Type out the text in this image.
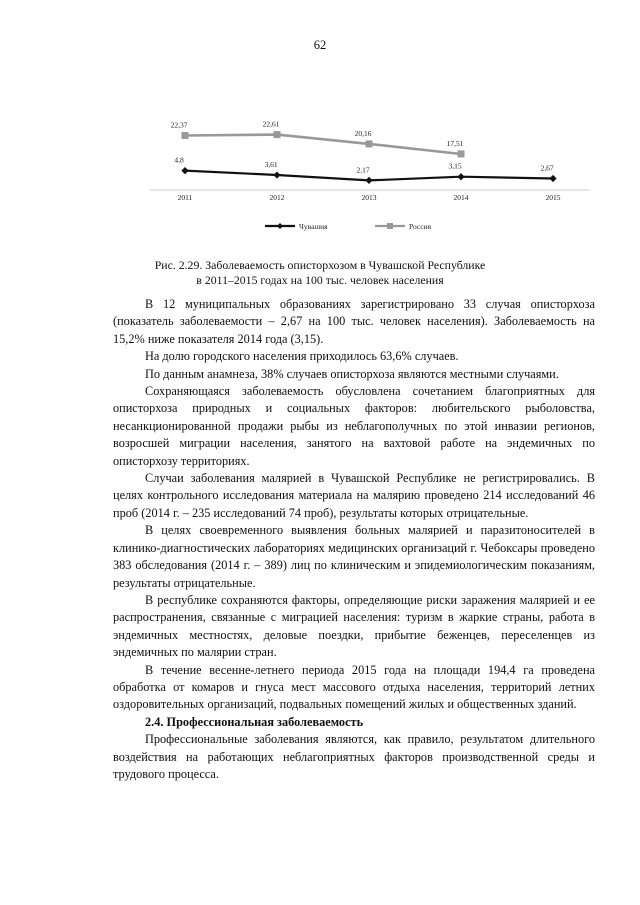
62
2011	2012	2013	2014	2015
4,8	3,61
2,17	3,15	2,67
22,37	22,61
20,16
17,51
Чувашия	Россия
Рис. 2.29. Заболеваемость описторхозом в Чувашской Республике
в 2011–2015 годах на 100 тыс. человек населения

В 12 муниципальных образованиях зарегистрировано 33 случая описторхоза (показатель заболеваемости – 2,67 на 100 тыс. человек населения). Заболеваемость на 15,2% ниже показателя 2014 года (3,15).

На долю городского населения приходилось 63,6% случаев.

По данным анамнеза, 38% случаев описторхоза являются местными случаями.

Сохраняющаяся заболеваемость обусловлена сочетанием благоприятных для описторхоза природных и социальных факторов: любительского рыболовства, несанкционированной продажи рыбы из неблагополучных по этой инвазии регионов, возросшей миграции населения, занятого на вахтовой работе на эндемичных по описторхозу территориях.

Случаи заболевания малярией в Чувашской Республике не регистрировались. В целях контрольного исследования материала на малярию проведено 214 исследований 46 проб (2014 г. – 235 исследований 74 проб), результаты которых отрицательные.

В целях своевременного выявления больных малярией и паразитоносителей в клинико-диагностических лабораториях медицинских организаций г. Чебоксары проведено 383 обследования (2014 г. – 389) лиц по клиническим и эпидемиологическим показаниям, результаты отрицательные.

В республике сохраняются факторы, определяющие риски заражения малярией и ее распространения, связанные с миграцией населения: туризм в жаркие страны, работа в эндемичных местностях, деловые поездки, прибытие беженцев, переселенцев из эндемичных по малярии стран.

В течение весенне-летнего периода 2015 года на площади 194,4 га проведена обработка от комаров и гнуса мест массового отдыха населения, территорий летних оздоровительных организаций, подвальных помещений жилых и общественных зданий.

2.4. Профессиональная заболеваемость

Профессиональные заболевания являются, как правило, результатом длительного воздействия на работающих неблагоприятных факторов производственной среды и трудового процесса.
